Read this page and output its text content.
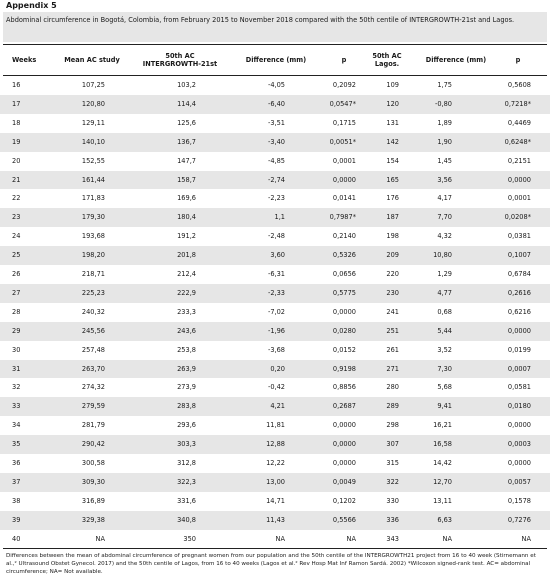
Appendix 5
Abdominal circumference in Bogotá, Colombia, from February 2015 to November 2018 compared with the 50th centile of INTERGROWTH-21st and Lagos.
Weeks	Mean AC study	50th AC INTERGROWTH-21st	Difference (mm)	p	50th AC Lagos.	Difference (mm)	p
16	107,25	103,2	-4,05	0,2092	109	1,75	0,5608
17	120,80	114,4	-6,40	0,0547*	120	-0,80	0,7218*
18	129,11	125,6	-3,51	0,1715	131	1,89	0,4469
19	140,10	136,7	-3,40	0,0051*	142	1,90	0,6248*
20	152,55	147,7	-4,85	0,0001	154	1,45	0,2151
21	161,44	158,7	-2,74	0,0000	165	3,56	0,0000
22	171,83	169,6	-2,23	0,0141	176	4,17	0,0001
23	179,30	180,4	1,1	0,7987*	187	7,70	0,0208*
24	193,68	191,2	-2,48	0,2140	198	4,32	0,0381
25	198,20	201,8	3,60	0,5326	209	10,80	0,1007
26	218,71	212,4	-6,31	0,0656	220	1,29	0,6784
27	225,23	222,9	-2,33	0,5775	230	4,77	0,2616
28	240,32	233,3	-7,02	0,0000	241	0,68	0,6216
29	245,56	243,6	-1,96	0,0280	251	5,44	0,0000
30	257,48	253,8	-3,68	0,0152	261	3,52	0,0199
31	263,70	263,9	0,20	0,9198	271	7,30	0,0007
32	274,32	273,9	-0,42	0,8856	280	5,68	0,0581
33	279,59	283,8	4,21	0,2687	289	9,41	0,0180
34	281,79	293,6	11,81	0,0000	298	16,21	0,0000
35	290,42	303,3	12,88	0,0000	307	16,58	0,0003
36	300,58	312,8	12,22	0,0000	315	14,42	0,0000
37	309,30	322,3	13,00	0,0049	322	12,70	0,0057
38	316,89	331,6	14,71	0,1202	330	13,11	0,1578
39	329,38	340,8	11,43	0,5566	336	6,63	0,7276
40	NA	350	NA	NA	343	NA	NA
Differences between the mean of abdominal circumference of pregnant women from our population and the 50th centile of the INTERGROWTH21 project from 16 to 40 week (Stirnemann et al.,² Ultrasound Obstet Gynecol. 2017) and the 50th centile of Lagos, from 16 to 40 weeks (Lagos et al.² Rev Hosp Mat Inf Ramon Sardá. 2002) *Wilcoxon signed-rank test. AC= abdominal circumference; NA= Not available.
